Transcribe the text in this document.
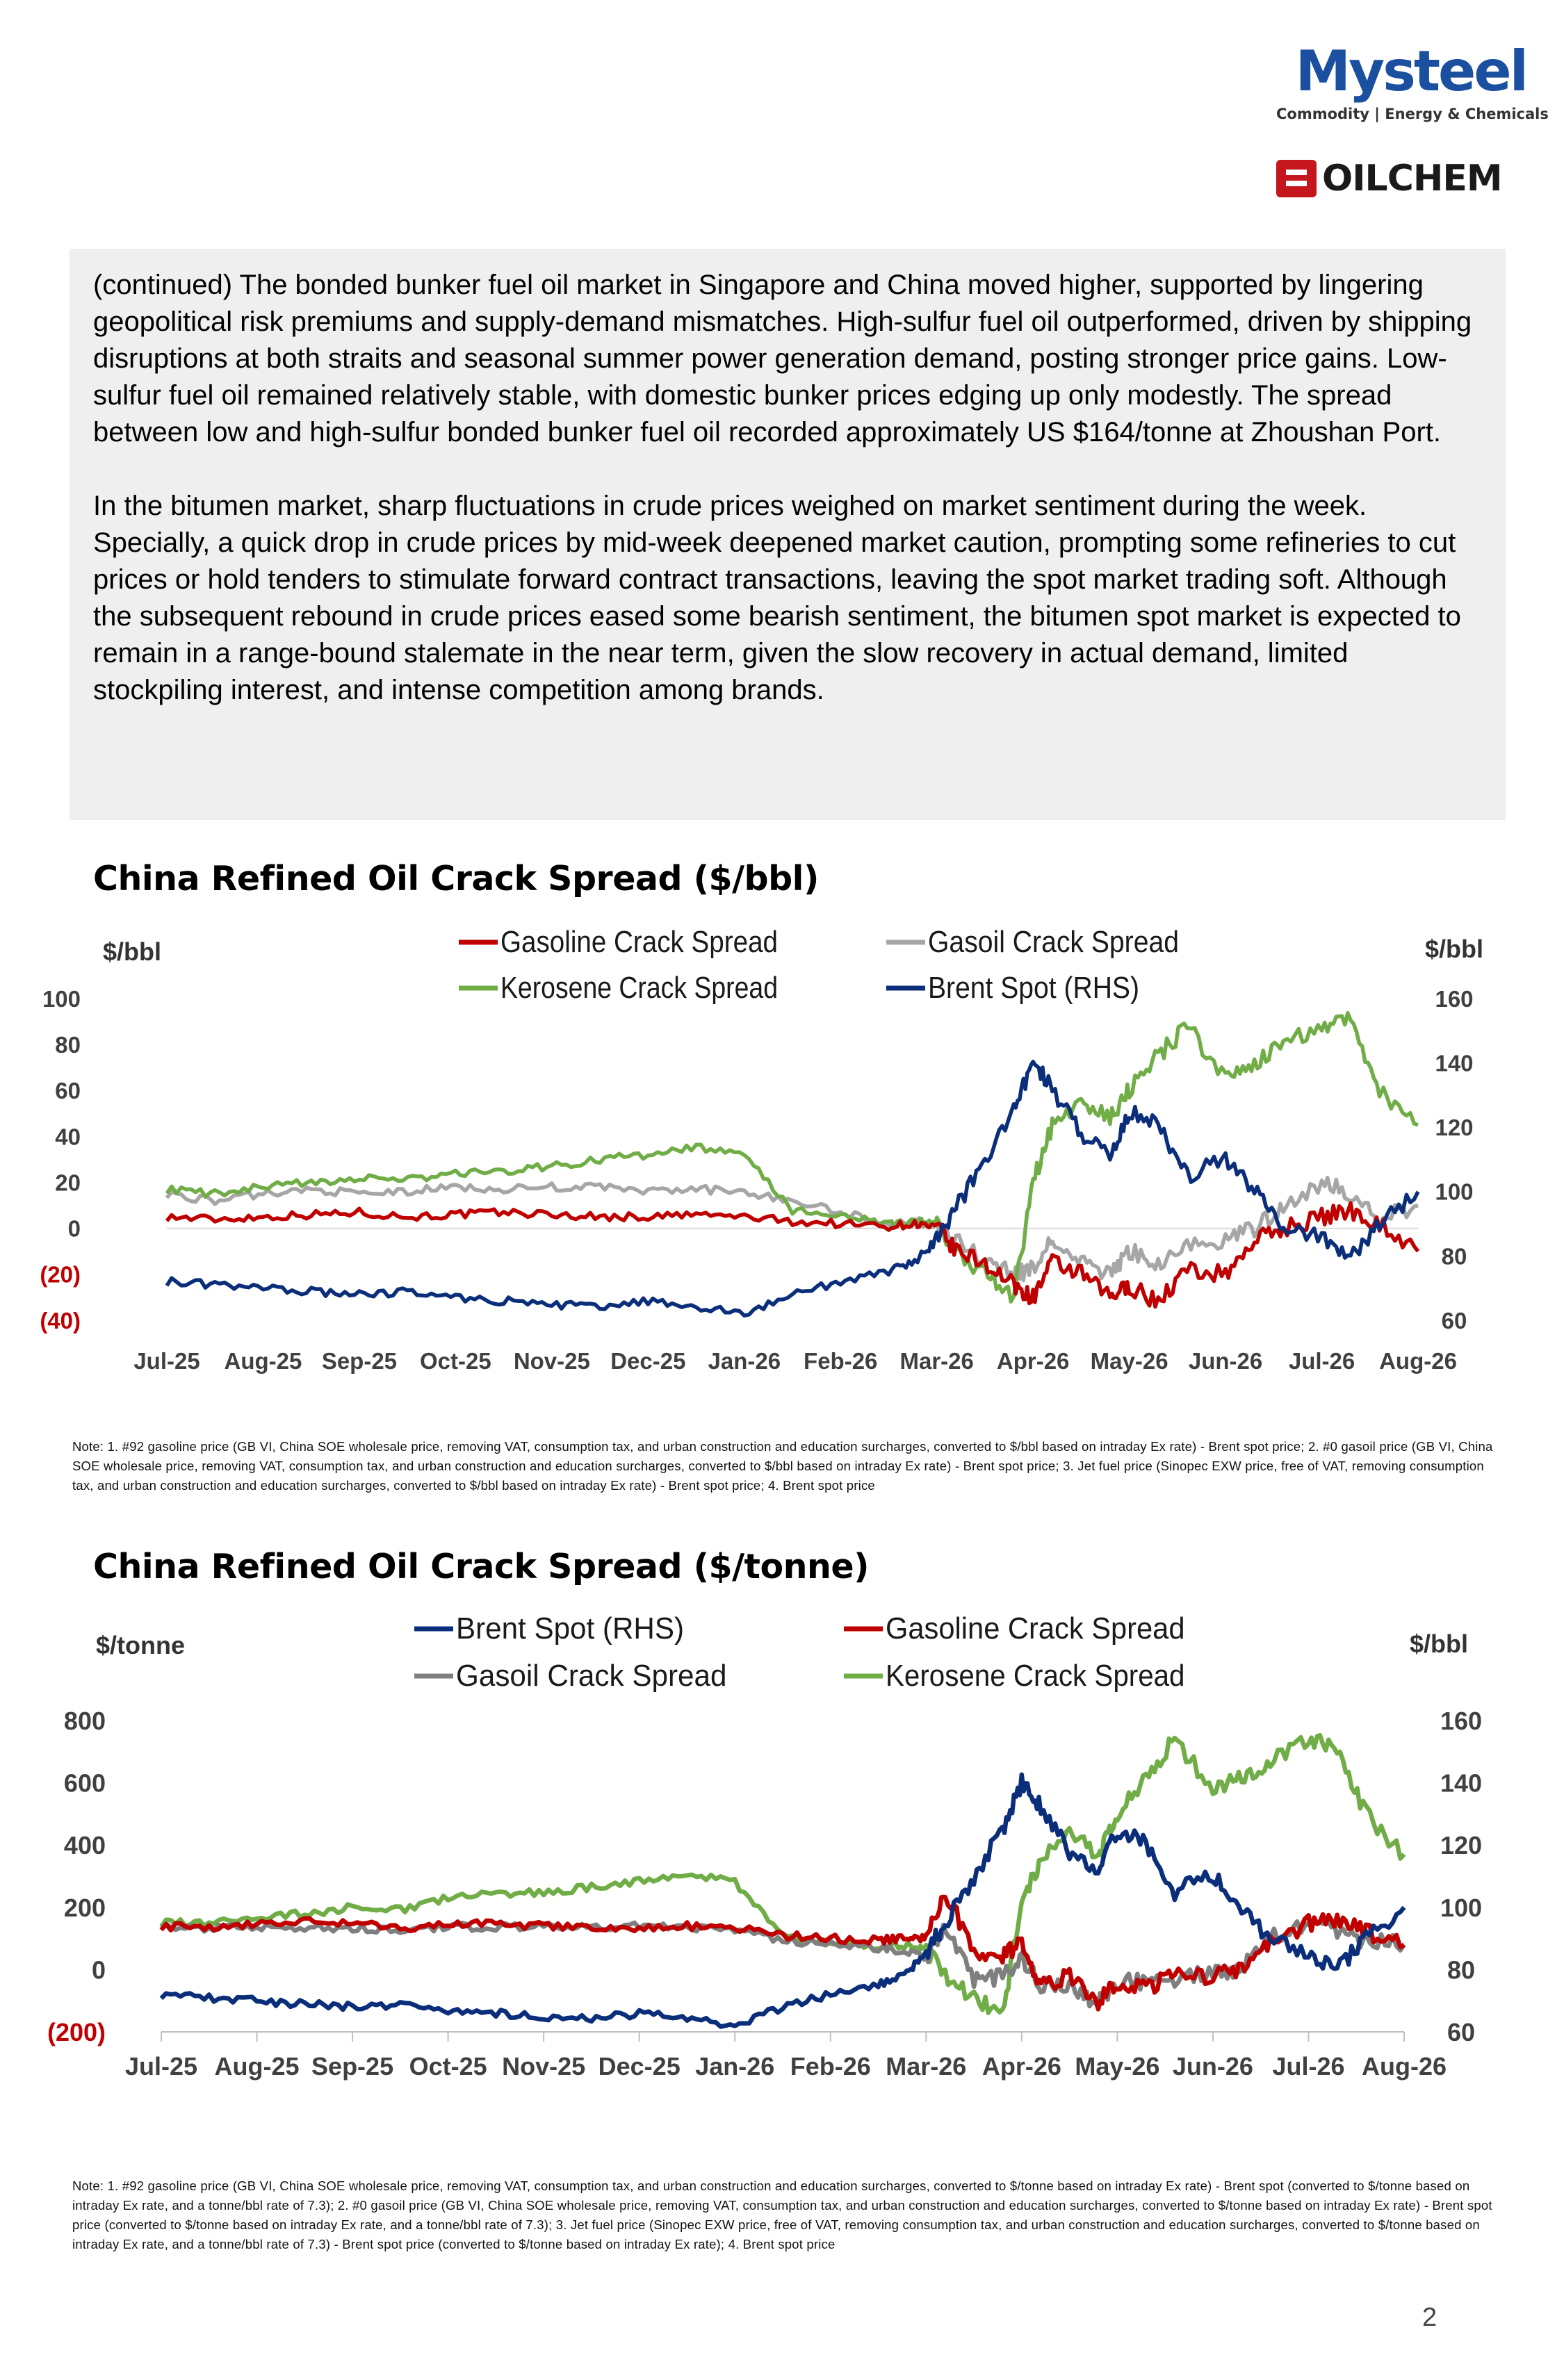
Mysteel
Commodity | Energy & Chemicals
OILCHEM

(continued) The bonded bunker fuel oil market in Singapore and China moved higher, supported by lingering geopolitical risk premiums and supply-demand mismatches. High-sulfur fuel oil outperformed, driven by shipping disruptions at both straits and seasonal summer power generation demand, posting stronger price gains. Low-sulfur fuel oil remained relatively stable, with domestic bunker prices edging up only modestly. The spread between low and high-sulfur bonded bunker fuel oil recorded approximately US $164/tonne at Zhoushan Port.

In the bitumen market, sharp fluctuations in crude prices weighed on market sentiment during the week. Specially, a quick drop in crude prices by mid-week deepened market caution, prompting some refineries to cut prices or hold tenders to stimulate forward contract transactions, leaving the spot market trading soft. Although the subsequent rebound in crude prices eased some bearish sentiment, the bitumen spot market is expected to remain in a range-bound stalemate in the near term, given the slow recovery in actual demand, limited stockpiling interest, and intense competition among brands.

China Refined Oil Crack Spread ($/bbl)
$/bbl	$/bbl
(40)
(20)
0
20
40
60
80
100
60
80
100
120
140
160
Jul-25 Aug-25 Sep-25 Oct-25 Nov-25 Dec-25 Jan-26 Feb-26 Mar-26 Apr-26 May-26 Jun-26 Jul-26 Aug-26
Gasoline Crack Spread	Gasoil Crack Spread
Kerosene Crack Spread	Brent Spot (RHS)
Note: 1. #92 gasoline price (GB VI, China SOE wholesale price, removing VAT, consumption tax, and urban construction and education surcharges, converted to $/bbl based on intraday Ex rate) - Brent spot price; 2. #0 gasoil price (GB VI, China SOE wholesale price, removing VAT, consumption tax, and urban construction and education surcharges, converted to $/bbl based on intraday Ex rate) - Brent spot price; 3. Jet fuel price (Sinopec EXW price, free of VAT, removing consumption tax, and urban construction and education surcharges, converted to $/bbl based on intraday Ex rate) - Brent spot price; 4. Brent spot price
China Refined Oil Crack Spread ($/tonne)
$/tonne	$/bbl
(200)
0
200
400
600
800
60
80
100
120
140
160
Jul-25 Aug-25 Sep-25 Oct-25 Nov-25 Dec-25 Jan-26 Feb-26 Mar-26 Apr-26 May-26 Jun-26 Jul-26 Aug-26
Brent Spot (RHS)	Gasoline Crack Spread
Gasoil Crack Spread	Kerosene Crack Spread
Note: 1. #92 gasoline price (GB VI, China SOE wholesale price, removing VAT, consumption tax, and urban construction and education surcharges, converted to $/tonne based on intraday Ex rate) - Brent spot (converted to $/tonne based on intraday Ex rate, and a tonne/bbl rate of 7.3); 2. #0 gasoil price (GB VI, China SOE wholesale price, removing VAT, consumption tax, and urban construction and education surcharges, converted to $/tonne based on intraday Ex rate) - Brent spot price (converted to $/tonne based on intraday Ex rate, and a tonne/bbl rate of 7.3); 3. Jet fuel price (Sinopec EXW price, free of VAT, removing consumption tax, and urban construction and education surcharges, converted to $/tonne based on intraday Ex rate, and a tonne/bbl rate of 7.3) - Brent spot price (converted to $/tonne based on intraday Ex rate); 4. Brent spot price
2
